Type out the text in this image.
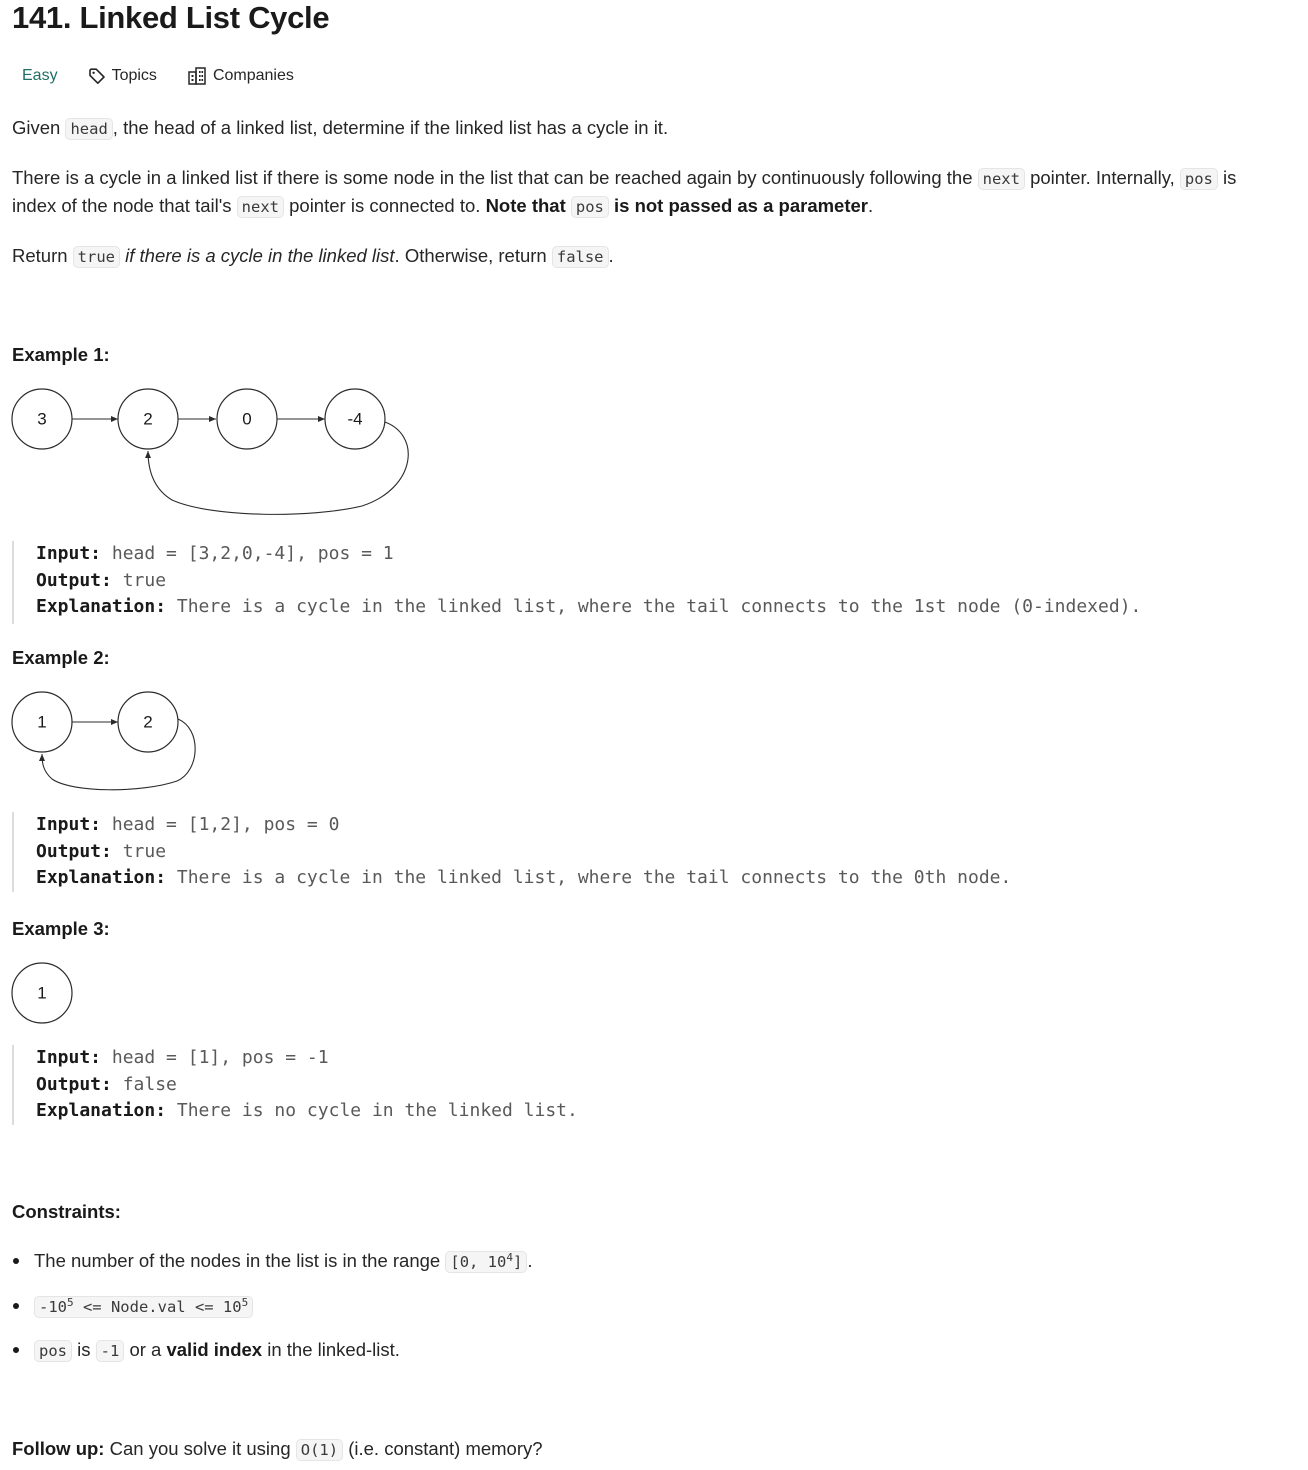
141. Linked List Cycle
Easy	Topics	Companies

Given head , the head of a linked list, determine if the linked list has a cycle in it.

There is a cycle in a linked list if there is some node in the list that can be reached again by continuously following the next pointer. Internally, pos is

index of the node that tail's next pointer is connected to. Note that pos is not passed as a parameter.

Return true if there is a cycle in the linked list. Otherwise, return false .

Example 1:
3	2	0	-4
Input: head = [3,2,0,-4], pos = 1
Output: true
Explanation: There is a cycle in the linked list, where the tail connects to the 1st node (0-indexed).
Example 2:
1	2
Input: head = [1,2], pos = 0
Output: true
Explanation: There is a cycle in the linked list, where the tail connects to the 0th node.
Example 3:
1
Input: head = [1], pos = -1
Output: false
Explanation: There is no cycle in the linked list.
Constraints:
The number of the nodes in the list is in the range [0, $10^4$] .
$-10^5$ <= Node.val <= $10^5$
pos is -1 or a valid index in the linked-list.

Follow up: Can you solve it using O(1) (i.e. constant) memory?
